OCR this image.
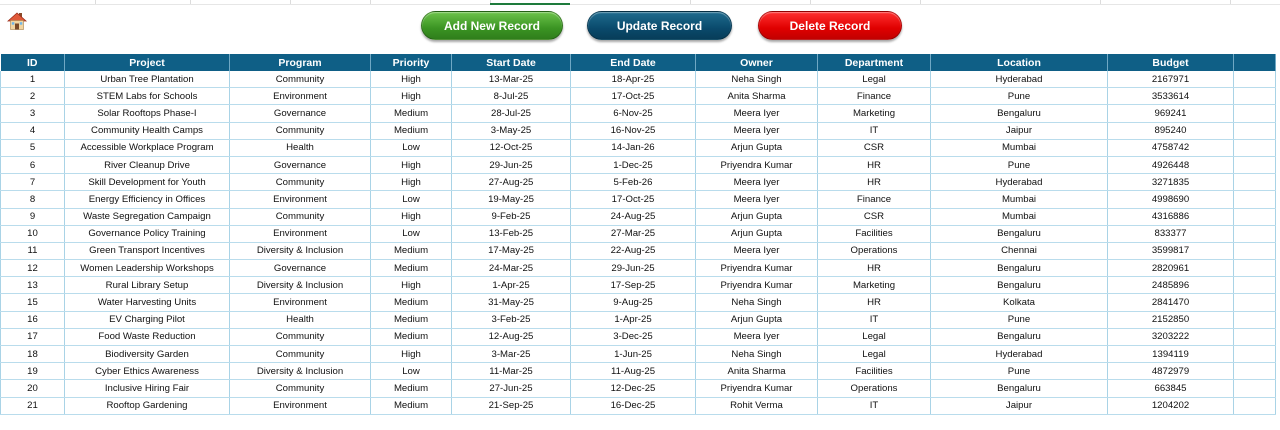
Add New Record	Update Record	Delete Record
ID	Project	Program	Priority	Start Date	End Date	Owner	Department	Location	Budget	
1	Urban Tree Plantation	Community	High	13-Mar-25	18-Apr-25	Neha Singh	Legal	Hyderabad	2167971	
2	STEM Labs for Schools	Environment	High	8-Jul-25	17-Oct-25	Anita Sharma	Finance	Pune	3533614	
3	Solar Rooftops Phase-I	Governance	Medium	28-Jul-25	6-Nov-25	Meera Iyer	Marketing	Bengaluru	969241	
4	Community Health Camps	Community	Medium	3-May-25	16-Nov-25	Meera Iyer	IT	Jaipur	895240	
5	Accessible Workplace Program	Health	Low	12-Oct-25	14-Jan-26	Arjun Gupta	CSR	Mumbai	4758742	
6	River Cleanup Drive	Governance	High	29-Jun-25	1-Dec-25	Priyendra Kumar	HR	Pune	4926448	
7	Skill Development for Youth	Community	High	27-Aug-25	5-Feb-26	Meera Iyer	HR	Hyderabad	3271835	
8	Energy Efficiency in Offices	Environment	Low	19-May-25	17-Oct-25	Meera Iyer	Finance	Mumbai	4998690	
9	Waste Segregation Campaign	Community	High	9-Feb-25	24-Aug-25	Arjun Gupta	CSR	Mumbai	4316886	
10	Governance Policy Training	Environment	Low	13-Feb-25	27-Mar-25	Arjun Gupta	Facilities	Bengaluru	833377	
11	Green Transport Incentives	Diversity & Inclusion	Medium	17-May-25	22-Aug-25	Meera Iyer	Operations	Chennai	3599817	
12	Women Leadership Workshops	Governance	Medium	24-Mar-25	29-Jun-25	Priyendra Kumar	HR	Bengaluru	2820961	
13	Rural Library Setup	Diversity & Inclusion	High	1-Apr-25	17-Sep-25	Priyendra Kumar	Marketing	Bengaluru	2485896	
15	Water Harvesting Units	Environment	Medium	31-May-25	9-Aug-25	Neha Singh	HR	Kolkata	2841470	
16	EV Charging Pilot	Health	Medium	3-Feb-25	1-Apr-25	Arjun Gupta	IT	Pune	2152850	
17	Food Waste Reduction	Community	Medium	12-Aug-25	3-Dec-25	Meera Iyer	Legal	Bengaluru	3203222	
18	Biodiversity Garden	Community	High	3-Mar-25	1-Jun-25	Neha Singh	Legal	Hyderabad	1394119	
19	Cyber Ethics Awareness	Diversity & Inclusion	Low	11-Mar-25	11-Aug-25	Anita Sharma	Facilities	Pune	4872979	
20	Inclusive Hiring Fair	Community	Medium	27-Jun-25	12-Dec-25	Priyendra Kumar	Operations	Bengaluru	663845	
21	Rooftop Gardening	Environment	Medium	21-Sep-25	16-Dec-25	Rohit Verma	IT	Jaipur	1204202	
